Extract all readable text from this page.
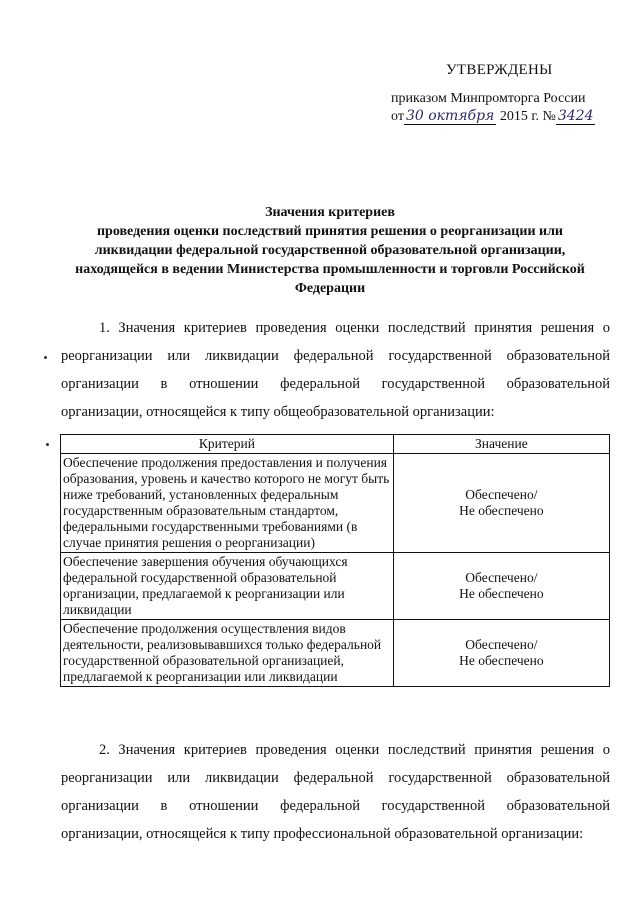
УТВЕРЖДЕНЫ
приказом Минпромторга России
от 30 октября 2015 г. № 3424
Значения критериев
проведения оценки последствий принятия решения о реорганизации или
ликвидации федеральной государственной образовательной организации,
находящейся в ведении Министерства промышленности и торговли Российской
Федерации
1. Значения критериев проведения оценки последствий принятия решения о
реорганизации или ликвидации федеральной государственной образовательной
организации в отношении федеральной государственной образовательной
организации, относящейся к типу общеобразовательной организации:
Критерий	Значение
Обеспечение продолжения предоставления и получения образования, уровень и качество которого не могут быть ниже требований, установленных федеральным государственным образовательным стандартом, федеральными государственными требованиями (в случае принятия решения о реорганизации)	Обеспечено/
Не обеспечено

Обеспечение завершения обучения обучающихся федеральной государственной образовательной организации, предлагаемой к реорганизации или ликвидации	Обеспечено/
Не обеспечено

Обеспечение продолжения осуществления видов деятельности, реализовывавшихся только федеральной государственной образовательной организацией, предлагаемой к реорганизации или ликвидации	Обеспечено/
Не обеспечено
2. Значения критериев проведения оценки последствий принятия решения о
реорганизации или ликвидации федеральной государственной образовательной
организации в отношении федеральной государственной образовательной
организации, относящейся к типу профессиональной образовательной организации:
